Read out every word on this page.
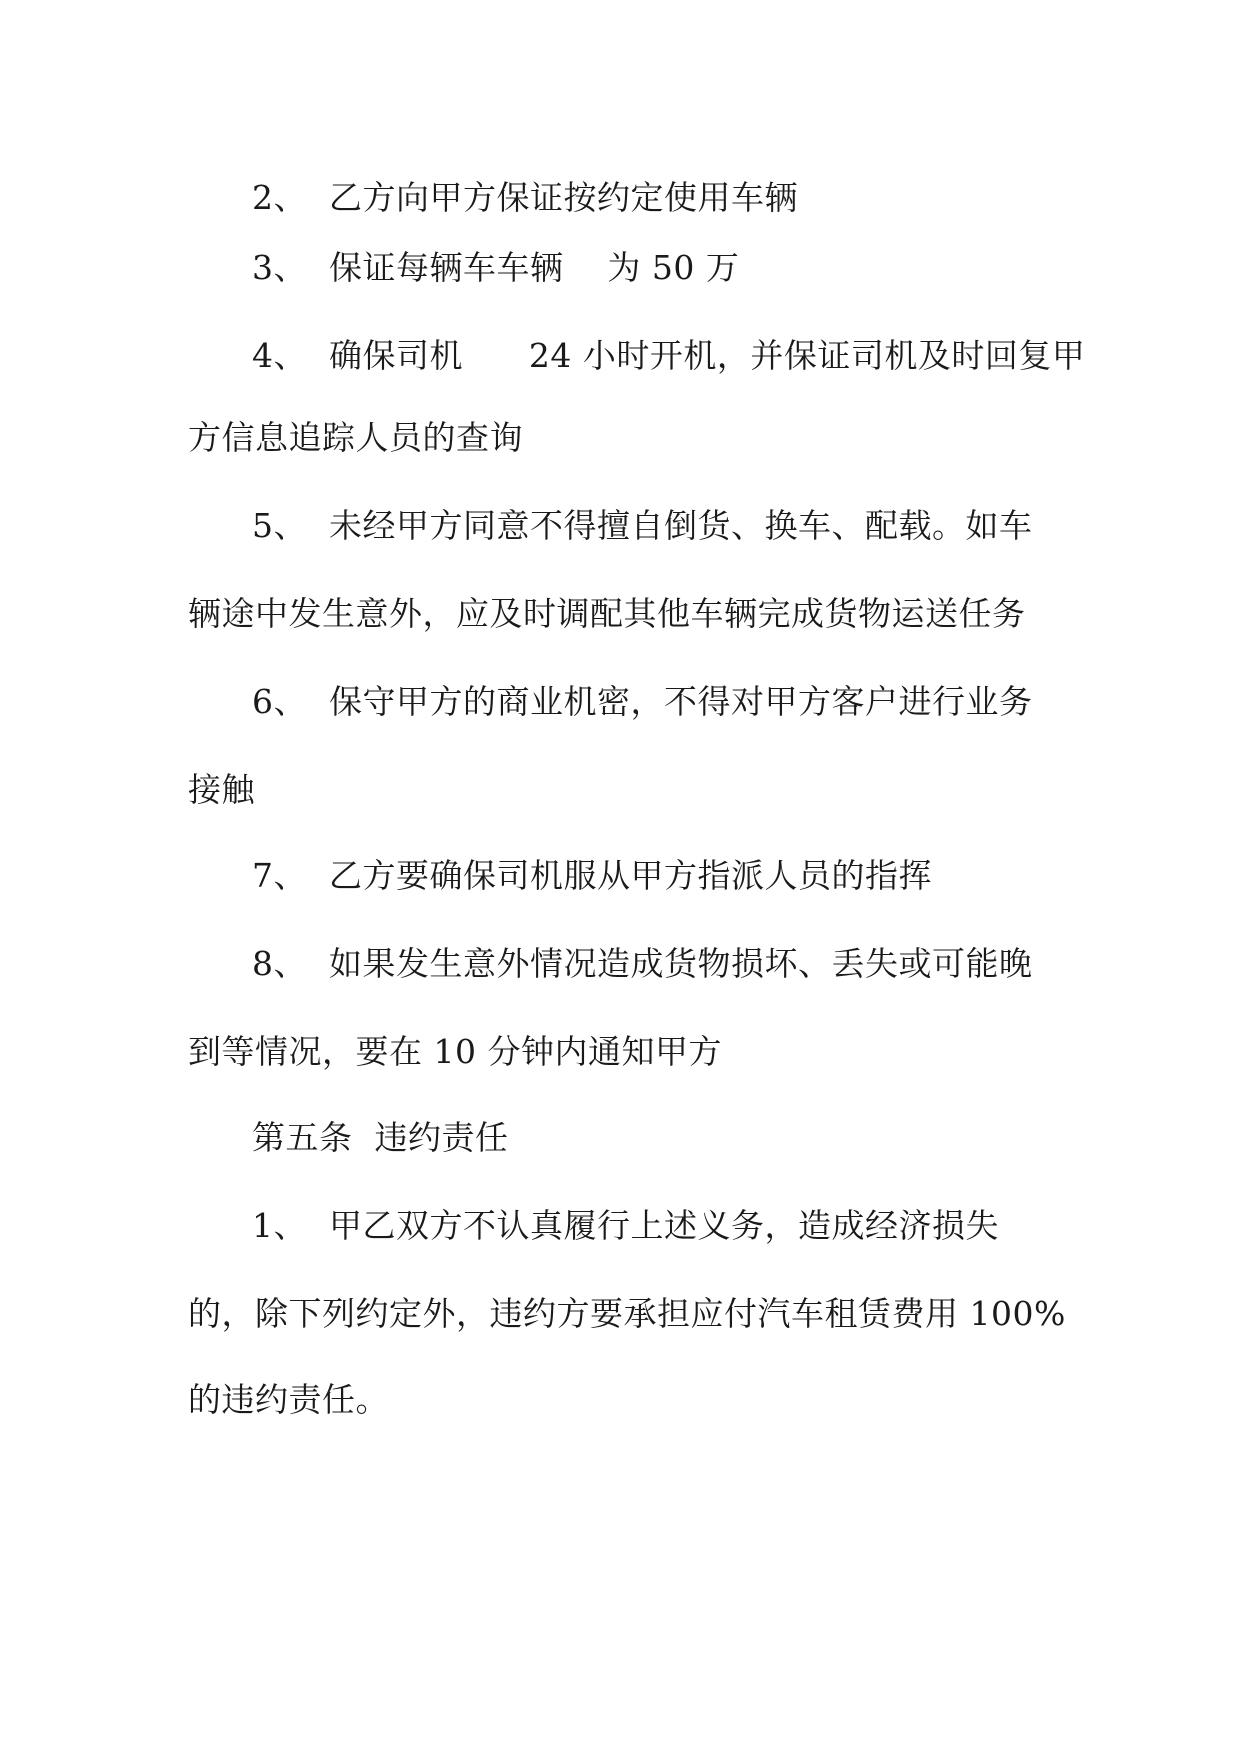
2、  乙方向甲方保证按约定使用车辆
3、  保证每辆车车辆    为 50 万
4、  确保司机      24 小时开机，并保证司机及时回复甲
方信息追踪人员的查询
5、  未经甲方同意不得擅自倒货、换车、配载。如车
辆途中发生意外，应及时调配其他车辆完成货物运送任务
6、  保守甲方的商业机密，不得对甲方客户进行业务
接触
7、  乙方要确保司机服从甲方指派人员的指挥
8、  如果发生意外情况造成货物损坏、丢失或可能晚
到等情况，要在 10 分钟内通知甲方
第五条  违约责任
1、  甲乙双方不认真履行上述义务，造成经济损失
的，除下列约定外，违约方要承担应付汽车租赁费用 100%
的违约责任。
